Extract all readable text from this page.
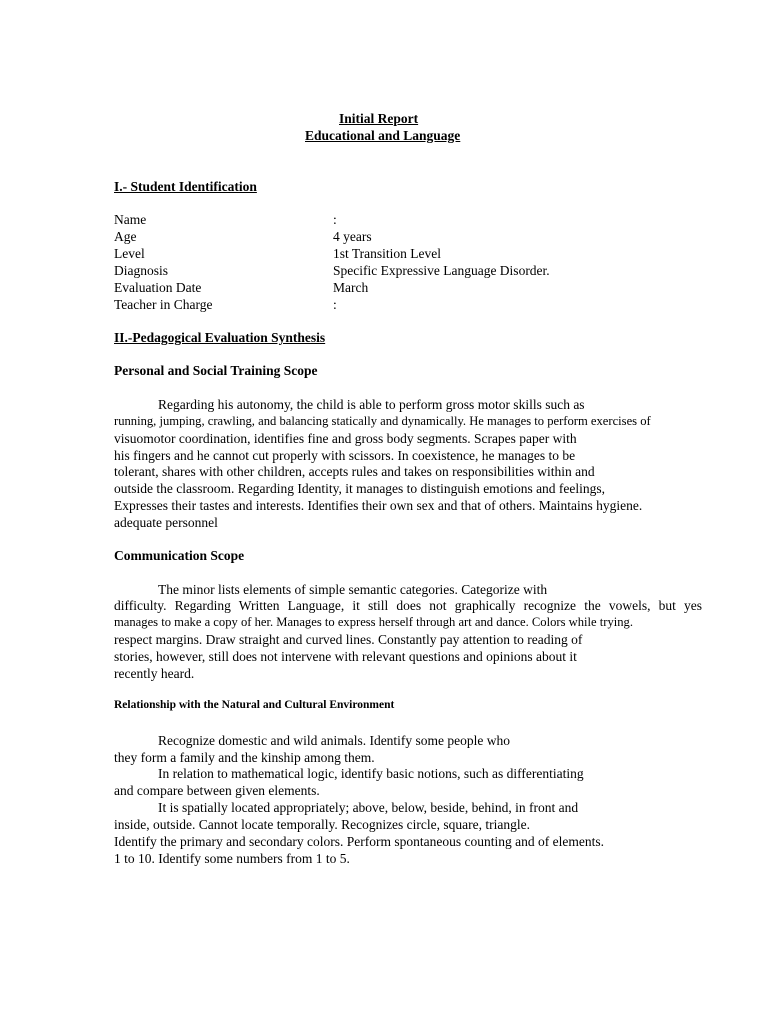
Initial Report
Educational and Language
I.- Student Identification
Name	:
Age	4 years
Level	1st Transition Level
Diagnosis	Specific Expressive Language Disorder.
Evaluation Date	March
Teacher in Charge	:
II.-Pedagogical Evaluation Synthesis
Personal and Social Training Scope
Regarding his autonomy, the child is able to perform gross motor skills such as
running, jumping, crawling, and balancing statically and dynamically. He manages to perform exercises of
visuomotor coordination, identifies fine and gross body segments. Scrapes paper with
his fingers and he cannot cut properly with scissors. In coexistence, he manages to be
tolerant, shares with other children, accepts rules and takes on responsibilities within and
outside the classroom. Regarding Identity, it manages to distinguish emotions and feelings,
Expresses their tastes and interests. Identifies their own sex and that of others. Maintains hygiene.
adequate personnel
Communication Scope
The minor lists elements of simple semantic categories. Categorize with
difficulty. Regarding Written Language, it still does not graphically recognize the vowels, but yes
manages to make a copy of her. Manages to express herself through art and dance. Colors while trying.
respect margins. Draw straight and curved lines. Constantly pay attention to reading of
stories, however, still does not intervene with relevant questions and opinions about it
recently heard.
Relationship with the Natural and Cultural Environment
Recognize domestic and wild animals. Identify some people who
they form a family and the kinship among them.
In relation to mathematical logic, identify basic notions, such as differentiating
and compare between given elements.
It is spatially located appropriately; above, below, beside, behind, in front and
inside, outside. Cannot locate temporally. Recognizes circle, square, triangle.
Identify the primary and secondary colors. Perform spontaneous counting and of elements.
1 to 10. Identify some numbers from 1 to 5.
